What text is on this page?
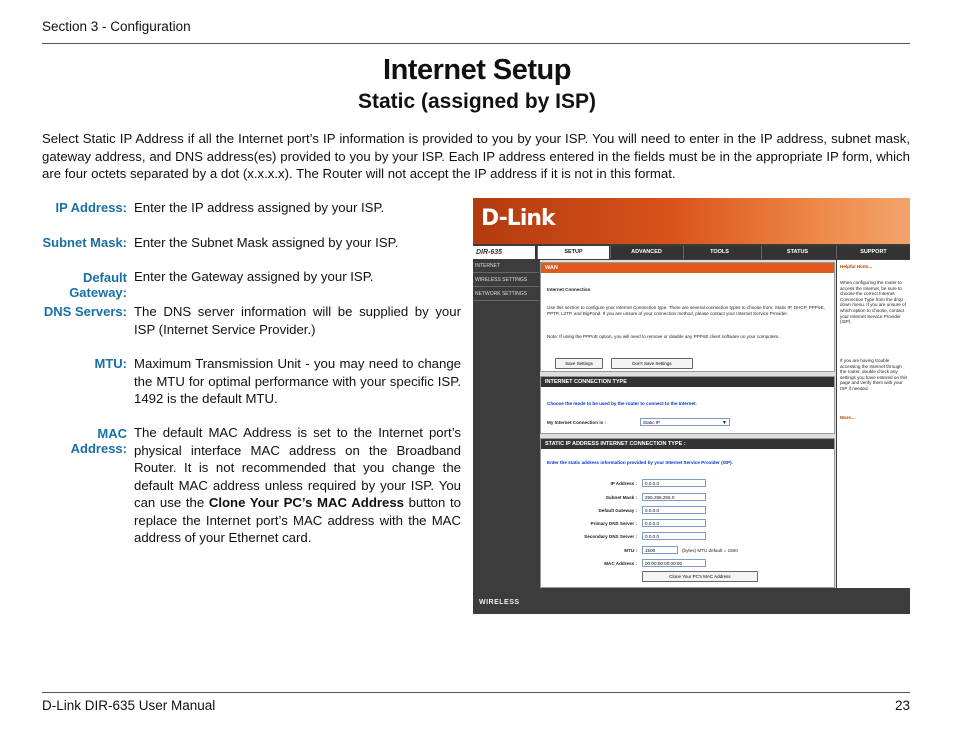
Section 3 - Configuration
Internet Setup
Static (assigned by ISP)
Select Static IP Address if all the Internet port’s IP information is provided to you by your ISP. You will need to enter in the IP address, subnet mask, gateway address, and DNS address(es) provided to you by your ISP. Each IP address entered in the fields must be in the appropriate IP form, which are four octets separated by a dot (x.x.x.x). The Router will not accept the IP address if it is not in this format.
IP Address: Enter the IP address assigned by your ISP.
Subnet Mask: Enter the Subnet Mask assigned by your ISP.
Default Gateway:
Enter the Gateway assigned by your ISP.
DNS Servers: The DNS server information will be supplied by your ISP (Internet Service Provider.)
MTU: Maximum Transmission Unit - you may need to change the MTU for optimal performance with your specific ISP. 1492 is the default MTU.
MAC Address:
The default MAC Address is set to the Internet port’s physical interface MAC address on the Broadband Router. It is not recommended that you change the default MAC address unless required by your ISP. You can use the Clone Your PC’s MAC Address button to replace the Internet port’s MAC address with the MAC address of your Ethernet card.
D-Link
DIR-635	SETUP	ADVANCED	TOOLS	STATUS	SUPPORT
INTERNET
WIRELESS SETTINGS
NETWORK SETTINGS
WAN
Internet Connection
Use this section to configure your Internet Connection type. There are several connection types to choose from: Static IP, DHCP, PPPoE, PPTP, L2TP, and BigPond. If you are unsure of your connection method, please contact your Internet Service Provider.
Note: If using the PPPoE option, you will need to remove or disable any PPPoE client software on your computers.
Save Settings	Don't Save Settings
INTERNET CONNECTION TYPE
Choose the mode to be used by the router to connect to the Internet.
My Internet Connection is :	Static IP	▼
STATIC IP ADDRESS INTERNET CONNECTION TYPE :
Enter the static address information provided by your Internet Service Provider (ISP).
IP Address :	0.0.0.0
Subnet Mask :	255.255.255.0
Default Gateway :	0.0.0.0
Primary DNS Server :	0.0.0.0
Secondary DNS Server :	0.0.0.0
MTU :	1500	(bytes) MTU default = 1500
MAC Address :	00:00:00:00:00:00
Clone Your PC's MAC Address
Helpful Hints...
When configuring the router to access the Internet, be sure to choose the correct Internet Connection Type from the drop down menu. If you are unsure of which option to choose, contact your Internet Service Provider (ISP).
If you are having trouble accessing the Internet through the router, double check any settings you have entered on this page and verify them with your ISP if needed.
More...
WIRELESS
D-Link DIR-635 User Manual	23
